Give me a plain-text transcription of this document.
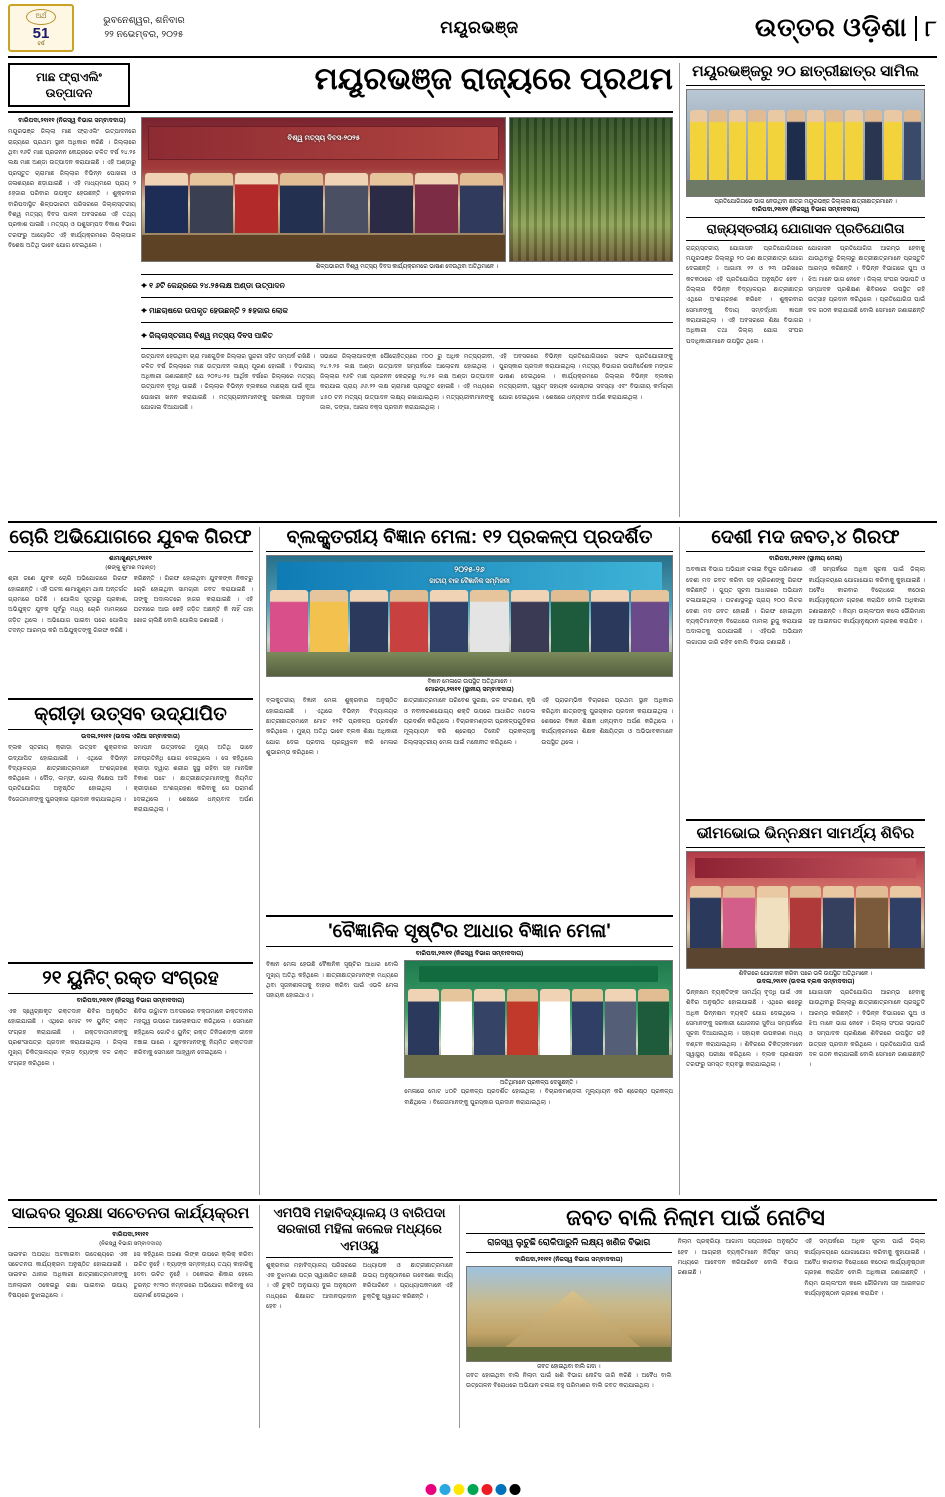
ଅର୍ଥ
51
ବର୍ଷ
ଭୁବନେଶ୍ୱର, ଶନିବାର
୨୨ ନଭେମ୍ବର, ୨୦୨୫	ମୟୂରଭଞ୍ଜ	ଉତ୍ତର ଓଡ଼ିଶା ୮
ମାଛ ଫ୍ରାଏଲିଂ ଉତ୍ପାଦନ	ମୟୂରଭଞ୍ଜ ରାଜ୍ୟରେ ପ୍ରଥମ
ବାରିପଦା,୨୧ା୧୧ (ନିଜସ୍ୱ ବିଭାଗ ସମ୍ବାଦଦାତା)
ମୟୂରଭଞ୍ଜ ଜିଲ୍ଲା ମାଛ ଫ୍ରାଏଲିଂ ଉତ୍ପାଦନରେ ରାଜ୍ୟରେ ପ୍ରଥମ ସ୍ଥାନ ଅଧିକାର କରିଛି । ଜିଲ୍ଲାରେ ଥିବା ୧୬ଟି ମାଛ ପ୍ରଜନନ କେନ୍ଦ୍ରରେ ଚଳିତ ବର୍ଷ ୨୪.୨୫ ଲକ୍ଷ ମାଛ ଅଣ୍ଡା ଉତ୍ପାଦନ କରାଯାଇଛି । ଏହି ଅଣ୍ଡାରୁ ପ୍ରସ୍ତୁତ ଚାରାମାଛ ଜିଲ୍ଲାର ବିଭିନ୍ନ ପୋଖରୀ ଓ ଜଳାଶୟରେ ଛଡ଼ାଯାଇଛି । ଏହି ମାଧ୍ୟମରେ ପ୍ରାୟ ୨ ୫ହଜାର ପରିବାର ଉପକୃତ ହେଉଛନ୍ତି । ଶୁକ୍ରବାର ବାରିପଦାସ୍ଥିତ ଶିଳ୍ପଭାରତୀ ପରିସରରେ ଜିଲ୍ଲାସ୍ତରୀୟ ବିଶ୍ୱ ମତ୍ସ୍ୟ ଦିବସ ପାଳନ ଅବସରରେ ଏହି ତଥ୍ୟ ପ୍ରକାଶ ପାଇଛି । ମତ୍ସ୍ୟ ଓ ପଶୁସମ୍ପଦ ବିକାଶ ବିଭାଗ ତରଫରୁ ଆୟୋଜିତ ଏହି କାର୍ଯ୍ୟକ୍ରମରେ ଜିଲ୍ଲାପାଳ ବିଶେଷ ଅତିଥି ଭାବେ ଯୋଗ ଦେଇଥିଲେ ।
ବିଶ୍ୱ ମତ୍ସ୍ୟ ଦିବସ-୨୦୨୫
ଶିଳ୍ପଭାରତୀ ବିଶ୍ୱ ମତ୍ସ୍ୟ ଦିବସ କାର୍ଯ୍ୟକ୍ରମରେ ଭାଷଣ ଦେଉଥିବା ଅତିଥିମାନେ ।
✦ ୧ ୬ଟି କେନ୍ଦ୍ରରେ ୨୪.୨୫ଲକ୍ଷ ଅଣ୍ଡା ଉତ୍ପାଦନ
✦ ମାଛଚାଷରେ ଉପକୃତ ହେଉଛନ୍ତି ୨ ୫ହଜାର ଲୋକ
✦ ଜିଲ୍ଲାସ୍ତରୀୟ ବିଶ୍ୱ ମତ୍ସ୍ୟ ଦିବସ ପାଳିତ
ଉତ୍ପାଦନ ହେଉଥିବା ଚାରା ମାଛଗୁଡ଼ିକ ଜିଲ୍ଲାର ସୁନ୍ଦରୀ ସହିତ ସମ୍ପର୍କ ରଖିଛି । ଚଳିତ ବର୍ଷ ଜିଲ୍ଲାରେ ମାଛ ଉତ୍ପାଦନ ଲକ୍ଷ୍ୟ ପୂରଣ ହୋଇଛି । ବିଭାଗୀୟ ଅଧିକାରୀ ଜଣାଇଛନ୍ତି ଯେ ୨୦୨୪-୨୫ ଆର୍ଥିକ ବର୍ଷରେ ଜିଲ୍ଲାରେ ମତ୍ସ୍ୟ ଉତ୍ପାଦନ ବୃଦ୍ଧି ପାଇଛି । ଜିଲ୍ଲାର ବିଭିନ୍ନ ବ୍ଲକରେ ମାଛଚାଷ ପାଇଁ ନୂଆ ପୋଖରୀ ଖନନ କରାଯାଇଛି । ମତ୍ସ୍ୟଜୀବୀମାନଙ୍କୁ ସରକାରୀ ଅନୁଦାନ ଯୋଗାଇ ଦିଆଯାଉଛି ।
ସଭାରେ ଜିଲ୍ଲାପାଳଙ୍କ ପୌରୋହିତ୍ୟରେ ୯୦୦ ରୁ ଅଧିକ ମତ୍ସ୍ୟଜୀବୀ, ୨୪.୨.୨୫ ଲକ୍ଷ ଅଣ୍ଡା ଉତ୍ପାଦନ ସମ୍ପର୍କରେ ଆଲୋଚନା ହୋଇଥିଲା । ଜିଲ୍ଲାର ୧୬ଟି ମାଛ ପ୍ରଜନନ କେନ୍ଦ୍ରରୁ ୨୪.୨୫ ଲକ୍ଷ ଅଣ୍ଡା ଉତ୍ପାଦନ କରାଯାଇ ପ୍ରାୟ ୬୬.୨୨ ଲକ୍ଷ ଚାରାମାଛ ପ୍ରସ୍ତୁତ ହୋଇଛି । ଏହି ମଧ୍ୟରେ ୪୫୦ ଟନ ମତ୍ସ୍ୟ ଉତ୍ପାଦନ ଲକ୍ଷ୍ୟ ରଖାଯାଇଥିଲା । ମତ୍ସ୍ୟଜୀବୀମାନଙ୍କୁ ଜାଲ, ଡଙ୍ଗା, ଆଇସ ବକ୍ସ ପ୍ରଦାନ କରାଯାଇଥିଲା ।
ଏହି ଅବସରରେ ବିଭିନ୍ନ ପ୍ରତିଯୋଗିତାରେ ସଫଳ ପ୍ରତିଯୋଗୀଙ୍କୁ ପୁରସ୍କାର ପ୍ରଦାନ କରାଯାଇଥିଲା । ମତ୍ସ୍ୟ ବିଭାଗର ଉପନିର୍ଦ୍ଦେଶକ ମଙ୍ଗଳ ଭାଷଣ ଦେଇଥିଲେ । କାର୍ଯ୍ୟକ୍ରମରେ ଜିଲ୍ଲାର ବିଭିନ୍ନ ବ୍ଲକର ମତ୍ସ୍ୟଜୀବୀ, ସ୍ୱୟଂ ସହାୟକ ଗୋଷ୍ଠୀର ସଦସ୍ୟା ଏବଂ ବିଭାଗୀୟ କର୍ମଚାରୀ ଯୋଗ ଦେଇଥିଲେ । ଶେଷରେ ଧନ୍ୟବାଦ ଅର୍ପଣ କରାଯାଇଥିଲା ।
ମୟୂରଭଞ୍ଜରୁ ୨୦ ଛାତ୍ରୀଛାତ୍ର ସାମିଲ
ପ୍ରତିଯୋଗିତାରେ ଭାଗ ନେଉଥିବା ଛାତ୍ର ମୟୂରଭଞ୍ଜ ଜିଲ୍ଲାର ଛାତ୍ରୀଛାତ୍ରମାନେ ।
ବାରିପଦା,୨୧ା୧୧ (ନିଜସ୍ୱ ବିଭାଗ ସମ୍ବାଦଦାତା)
ରାଜ୍ୟସ୍ତରୀୟ ଯୋଗାସନ ପ୍ରତିଯୋଗିତା
ରାଜ୍ୟସ୍ତରୀୟ ଯୋଗାସନ ପ୍ରତିଯୋଗିତାରେ ମୟୂରଭଞ୍ଜ ଜିଲ୍ଲାରୁ ୨୦ ଜଣ ଛାତ୍ରୀଛାତ୍ର ଯୋଗ ଦେଇଛନ୍ତି । ଆଗାମୀ ୨୨ ଓ ୨୩ ତାରିଖରେ କଟକଠାରେ ଏହି ପ୍ରତିଯୋଗିତା ଅନୁଷ୍ଠିତ ହେବ । ଜିଲ୍ଲାର ବିଭିନ୍ନ ବିଦ୍ୟାଳୟର ଛାତ୍ରୀଛାତ୍ର ଏଥିରେ ଅଂଶଗ୍ରହଣ କରିବେ । ଶୁକ୍ରବାର ସେମାନଙ୍କୁ ବିଦାୟ ସମ୍ବର୍ଦ୍ଧନା ଜ୍ଞାପନ କରାଯାଇଥିଲା । ଏହି ଅବସରରେ ଶିକ୍ଷା ବିଭାଗର ଅଧିକାରୀ ତଥା ଜିଲ୍ଲା ଯୋଗ ସଂଘର ପଦାଧିକାରୀମାନେ ଉପସ୍ଥିତ ଥିଲେ ।
ଯୋଗାସନ ପ୍ରତିଯୋଗିତା ଆରମ୍ଭ ହେବାକୁ ଯାଉଥିବାରୁ ଜିଲ୍ଲାରୁ ଛାତ୍ରୀଛାତ୍ରମାନେ ପ୍ରସ୍ତୁତି ଆରମ୍ଭ କରିଛନ୍ତି । ବିଭିନ୍ନ ବିଭାଗରେ ପୁଅ ଓ ଝିଅ ମାନେ ଭାଗ ନେବେ । ଜିଲ୍ଲା ସଂଘର ସଭାପତି ଓ ସମ୍ପାଦକ ପ୍ରଶିକ୍ଷଣ ଶିବିରରେ ଉପସ୍ଥିତ ରହି ଉତ୍ସାହ ପ୍ରଦାନ କରିଥିଲେ । ପ୍ରତିଯୋଗିତା ପାଇଁ ଦଳ ଗଠନ କରାଯାଇଛି ବୋଲି ସେମାନେ ଜଣାଇଛନ୍ତି ।
ଚୋରି ଅଭିଯୋଗରେ ଯୁବକ ଗିରଫ
ଶାମାଖୁଣ୍ଟା,୨୧ା୧୧
(ଶଙ୍କୁ କୁମାର ମହାନ୍ତ)
ଶ୍ରୀ ଜଣେ ଯୁବକ ଚୋରି ଅଭିଯୋଗରେ ଗିରଫ ହୋଇଛନ୍ତି । ଏହି ଘଟନା ଶାମାଖୁଣ୍ଟା ଥାନା ଅନ୍ତର୍ଗତ ଗ୍ରାମରେ ଘଟିଛି । ପୋଲିସ ସୂତ୍ରରୁ ପ୍ରକାଶ, ଅଭିଯୁକ୍ତ ଯୁବକ ପୂର୍ବରୁ ମଧ୍ୟ ଚୋରି ମାମଲାରେ ଜଡ଼ିତ ଥିଲେ । ଅଭିଯୋଗ ପାଇବା ପରେ ପୋଲିସ ତଦନ୍ତ ଆରମ୍ଭ କରି ଅଭିଯୁକ୍ତଙ୍କୁ ଗିରଫ କରିଛି ।
କରିଛନ୍ତି । ଗିରଫ ହୋଇଥିବା ଯୁବକଙ୍କ ନିକଟରୁ ଚୋରି ହୋଇଥିବା ସାମଗ୍ରୀ ଜବତ କରାଯାଇଛି । ତାଙ୍କୁ ଅଦାଲତରେ ହାଜର କରାଯାଇଛି । ଏହି ଘଟନାରେ ଆଉ କେହି ଜଡ଼ିତ ଅଛନ୍ତି କି ନାହିଁ ତାହା ଖୋଜ ଚାଲିଛି ବୋଲି ପୋଲିସ ଜଣାଇଛି ।
କ୍ରୀଡ଼ା ଉତ୍ସବ ଉଦ୍ଯାପିତ
ଉଦଳା,୨୧ା୧୧ (ଉଦଳା ଏରିଆ ସମ୍ବାଦଦାତା)
ବ୍ଲକ ସ୍ତରୀୟ କ୍ରୀଡ଼ା ଉତ୍ସବ ଶୁକ୍ରବାର ଉଦ୍ଯାପିତ ହୋଇଯାଇଛି । ଏଥିରେ ବିଭିନ୍ନ ବିଦ୍ୟାଳୟର ଛାତ୍ରୀଛାତ୍ରମାନେ ଅଂଶଗ୍ରହଣ କରିଥିଲେ । ଦୌଡ଼, ଲମ୍ଫ, ଗୋଲା ନିକ୍ଷେପ ଆଦି ପ୍ରତିଯୋଗିତା ଅନୁଷ୍ଠିତ ହୋଇଥିଲା । ବିଜେତାମାନଙ୍କୁ ପୁରସ୍କାର ପ୍ରଦାନ କରାଯାଇଥିଲା ।
ସମାପନ ଉତ୍ସବରେ ମୁଖ୍ୟ ଅତିଥି ଭାବେ ଜନପ୍ରତିନିଧି ଯୋଗ ଦେଇଥିଲେ । ସେ କହିଥିଲେ କ୍ରୀଡ଼ା ଦ୍ୱାରା ଶରୀର ସୁସ୍ଥ ରହିବା ସହ ମାନସିକ ବିକାଶ ଘଟେ । ଛାତ୍ରୀଛାତ୍ରମାନଙ୍କୁ ନିୟମିତ କ୍ରୀଡ଼ାରେ ଅଂଶଗ୍ରହଣ କରିବାକୁ ସେ ପରାମର୍ଶ ଦେଇଥିଲେ । ଶେଷରେ ଧନ୍ୟବାଦ ଅର୍ପଣ କରାଯାଇଥିଲା ।
୨୧ ୟୁନିଟ୍ ରକ୍ତ ସଂଗ୍ରହ
ବାରିପଦା,୨୧ା୧୧ (ନିଜସ୍ୱ ବିଭାଗ ସମ୍ବାଦଦାତା)
ଏକ ସ୍ୱେଚ୍ଛାକୃତ ରକ୍ତଦାନ ଶିବିର ଅନୁଷ୍ଠିତ ହୋଇଯାଇଛି । ଏଥିରେ ମୋଟ ୨୧ ୟୁନିଟ୍ ରକ୍ତ ସଂଗ୍ରହ କରାଯାଇଛି । ରକ୍ତଦାତାମାନଙ୍କୁ ପ୍ରଶଂସାପତ୍ର ପ୍ରଦାନ କରାଯାଇଥିଲା । ଜିଲ୍ଲା ମୁଖ୍ୟ ଚିକିତ୍ସାଳୟର ବ୍ଲଡ଼ ବ୍ୟାଙ୍କ ଦଳ ରକ୍ତ ସଂଗ୍ରହ କରିଥିଲେ ।
ଶିବିର ଉଦ୍ଘାଟନ ଅବସରରେ ବକ୍ତାମାନେ ରକ୍ତଦାନର ମହତ୍ତ୍ୱ ଉପରେ ଆଲୋକପାତ କରିଥିଲେ । ସେମାନେ କହିଥିଲେ ଗୋଟିଏ ୟୁନିଟ୍ ରକ୍ତ ତିନିଜଣଙ୍କ ଜୀବନ ବଞ୍ଚାଇ ପାରେ । ଯୁବକମାନଙ୍କୁ ନିୟମିତ ରକ୍ତଦାନ କରିବାକୁ ସେମାନେ ଆହ୍ୱାନ ଦେଇଥିଲେ ।
ବ୍ଲକ୍ସ୍ତରୀୟ ବିଜ୍ଞାନ ମେଳା: ୧୨ ପ୍ରକଳ୍ପ ପ୍ରଦର୍ଶିତ
୨୦୨୫-୨୬
ଜାତୀୟ ବାଳ ବୈଜ୍ଞାନିକ ସମ୍ମିଳନୀ
ବିଜ୍ଞାନ ମେଳାରେ ଉପସ୍ଥିତ ଅତିଥିମାନେ ।
ମୋରଡ଼ା,୨୧ା୧୧ (ସ୍ଥାନୀୟ ସମ୍ବାଦଦାତା)
ବ୍ଲକ୍ସ୍ତରୀୟ ବିଜ୍ଞାନ ମେଳା ଶୁକ୍ରବାର ଅନୁଷ୍ଠିତ ହୋଇଯାଇଛି । ଏଥିରେ ବିଭିନ୍ନ ବିଦ୍ୟାଳୟର ଛାତ୍ରୀଛାତ୍ରମାନେ ମୋଟ ୧୨ଟି ପ୍ରକଳ୍ପ ପ୍ରଦର୍ଶନ କରିଥିଲେ । ମୁଖ୍ୟ ଅତିଥି ଭାବେ ବ୍ଲକ ଶିକ୍ଷା ଅଧିକାରୀ ଯୋଗ ଦେଇ ପ୍ରଦୀପ ପ୍ରଜ୍ୱଳନ କରି ମେଳାର ଶୁଭାରମ୍ଭ କରିଥିଲେ ।
ଛାତ୍ରୀଛାତ୍ରମାନେ ପରିବେଶ ସୁରକ୍ଷା, ଜଳ ସଂରକ୍ଷଣ, କୃଷି ଓ ନବୀକରଣଯୋଗ୍ୟ ଶକ୍ତି ଉପରେ ଆଧାରିତ ମଡେଲ ପ୍ରଦର୍ଶନ କରିଥିଲେ । ବିଚାରକମଣ୍ଡଳୀ ପ୍ରକଳ୍ପଗୁଡ଼ିକର ମୂଲ୍ୟାୟନ କରି ଶ୍ରେଷ୍ଠ ତିନୋଟି ପ୍ରକଳ୍ପକୁ ଜିଲ୍ଲାସ୍ତରୀୟ ମେଳା ପାଇଁ ମନୋନୀତ କରିଥିଲେ ।
ଏହି ପ୍ରାରମ୍ଭିକ ବିଚାରରେ ପ୍ରଥମ ସ୍ଥାନ ଅଧିକାର କରିଥିବା ଛାତ୍ରଙ୍କୁ ପୁରସ୍କାର ପ୍ରଦାନ କରାଯାଇଥିଲା । ଶେଷରେ ବିଜ୍ଞାନ ଶିକ୍ଷକ ଧନ୍ୟବାଦ ଅର୍ପଣ କରିଥିଲେ । କାର୍ଯ୍ୟକ୍ରମରେ ଶିକ୍ଷକ ଶିକ୍ଷୟିତ୍ରୀ ଓ ଅଭିଭାବକମାନେ ଉପସ୍ଥିତ ଥିଲେ ।
'ବୈଜ୍ଞାନିକ ସୃଷ୍ଟିର ଆଧାର ବିଜ୍ଞାନ ମେଳା'
ବାରିପଦା,୨୧ା୧୧ (ନିଜସ୍ୱ ବିଭାଗ ସମ୍ବାଦଦାତା)
ବିଜ୍ଞାନ ମେଳା ହେଉଛି ବୈଜ୍ଞାନିକ ସୃଷ୍ଟିର ଆଧାର ବୋଲି ମୁଖ୍ୟ ଅତିଥି କହିଥିଲେ । ଛାତ୍ରୀଛାତ୍ରମାନଙ୍କ ମଧ୍ୟରେ ଥିବା ସୃଜନଶୀଳତାକୁ ବାହାର କରିବା ପାଇଁ ଏଭଳି ମେଳା ସହାୟକ ହୋଇଥାଏ ।
ଅତିଥିମାନେ ପ୍ରକଳ୍ପ ଦେଖୁଛନ୍ତି ।
ମେଳାରେ ମୋଟ ୪୦ଟି ପ୍ରକଳ୍ପ ପ୍ରଦର୍ଶିତ ହୋଇଥିଲା । ବିଚାରକମଣ୍ଡଳୀ ମୂଲ୍ୟାୟନ କରି ଶ୍ରେଷ୍ଠ ପ୍ରକଳ୍ପ ବାଛିଥିଲେ । ବିଜେତାମାନଙ୍କୁ ପୁରସ୍କାର ପ୍ରଦାନ କରାଯାଇଥିଲା ।
ଦେଶୀ ମଦ ଜବତ,୪ ଗିରଫ
ବାରିପଦା,୨୧ା୧୧ (ସ୍ଥାନୀୟ ମେଳା)
ଅବକାରୀ ବିଭାଗ ଅଭିଯାନ ଚଳାଇ ବିପୁଳ ପରିମାଣର ଦେଶୀ ମଦ ଜବତ କରିବା ସହ ଚାରିଜଣଙ୍କୁ ଗିରଫ କରିଛନ୍ତି । ଗୁପ୍ତ ସୂଚନା ଆଧାରରେ ଅଭିଯାନ ଚଳାଯାଇଥିଲା । ଘଟଣାସ୍ଥଳରୁ ପ୍ରାୟ ୨୦୦ ଲିଟର ଦେଶୀ ମଦ ଜବତ ହୋଇଛି । ଗିରଫ ହୋଇଥିବା ବ୍ୟକ୍ତିମାନଙ୍କ ବିରୋଧରେ ମାମଲା ରୁଜୁ କରାଯାଇ ଅଦାଲତକୁ ପଠାଯାଇଛି । ଏହିପରି ଅଭିଯାନ ଲଗାତାର ଜାରି ରହିବ ବୋଲି ବିଭାଗ ଜଣାଇଛି ।
ଏହି ସମ୍ପର୍କରେ ଅଧିକ ସୂଚନା ପାଇଁ ଜିଲ୍ଲା କାର୍ଯ୍ୟାଳୟରେ ଯୋଗାଯୋଗ କରିବାକୁ କୁହାଯାଇଛି । ଅବୈଧ କାରବାର ବିରୋଧରେ କଠୋର କାର୍ଯ୍ୟାନୁଷ୍ଠାନ ଗ୍ରହଣ କରାଯିବ ବୋଲି ଅଧିକାରୀ ଜଣାଇଛନ୍ତି । ନିୟମ ଉଲ୍ଲଂଘନ କଲେ ଜୌରିମାନା ସହ ଆଇନଗତ କାର୍ଯ୍ୟାନୁଷ୍ଠାନ ଗ୍ରହଣ କରାଯିବ ।
ଭୀମଭୋଇ ଭିନ୍ନକ୍ଷମ ସାମର୍ଥ୍ୟ ଶିବିର
ଶିବିରରେ ଯୋଗଦାନ କରିବା ପରେ ଭଳି ଉପସ୍ଥିତ ଅତିଥିମାନେ ।
ଉଦଳା,୨୧ା୧୧ (ଉଦଳା ବ୍ଲକ ସମ୍ବାଦଦାତା)
ଭିନ୍ନକ୍ଷମ ବ୍ୟକ୍ତିଙ୍କ ସାମର୍ଥ୍ୟ ବୃଦ୍ଧି ପାଇଁ ଏକ ଶିବିର ଅନୁଷ୍ଠିତ ହୋଇଯାଇଛି । ଏଥିରେ ଶହେରୁ ଅଧିକ ଭିନ୍ନକ୍ଷମ ବ୍ୟକ୍ତି ଯୋଗ ଦେଇଥିଲେ । ସେମାନଙ୍କୁ ସରକାରୀ ଯୋଜନାର ସୁବିଧା ସମ୍ପର୍କରେ ସୂଚନା ଦିଆଯାଇଥିଲା । ସହାୟକ ଉପକରଣ ମଧ୍ୟ ବଣ୍ଟନ କରାଯାଇଥିଲା । ଶିବିରରେ ଚିକିତ୍ସକମାନେ ସ୍ୱାସ୍ଥ୍ୟ ପରୀକ୍ଷା କରିଥିଲେ । ବ୍ଲକ ପ୍ରଶାସନ ତରଫରୁ ସମସ୍ତ ବ୍ୟବସ୍ଥା କରାଯାଇଥିଲା ।
ଯୋଗାସନ ପ୍ରତିଯୋଗିତା ଆରମ୍ଭ ହେବାକୁ ଯାଉଥିବାରୁ ଜିଲ୍ଲାରୁ ଛାତ୍ରୀଛାତ୍ରମାନେ ପ୍ରସ୍ତୁତି ଆରମ୍ଭ କରିଛନ୍ତି । ବିଭିନ୍ନ ବିଭାଗରେ ପୁଅ ଓ ଝିଅ ମାନେ ଭାଗ ନେବେ । ଜିଲ୍ଲା ସଂଘର ସଭାପତି ଓ ସମ୍ପାଦକ ପ୍ରଶିକ୍ଷଣ ଶିବିରରେ ଉପସ୍ଥିତ ରହି ଉତ୍ସାହ ପ୍ରଦାନ କରିଥିଲେ । ପ୍ରତିଯୋଗିତା ପାଇଁ ଦଳ ଗଠନ କରାଯାଇଛି ବୋଲି ସେମାନେ ଜଣାଇଛନ୍ତି ।
ସାଇବର ସୁରକ୍ଷା ସଚେତନତା କାର୍ଯ୍ୟକ୍ରମ
ବାରିପଦା,୨୧ା୧୧
(ନିଜସ୍ୱ ବିଭାଗ ସମ୍ବାଦଦାତା)
ସାଇବର ଅପରାଧ ଅଟକାଇବା ଉଦ୍ଦେଶ୍ୟରେ ଏକ ସଚେତନତା କାର୍ଯ୍ୟକ୍ରମ ଅନୁଷ୍ଠିତ ହୋଇଯାଇଛି । ସାଇବର ଥାନାର ଅଧିକାରୀ ଛାତ୍ରୀଛାତ୍ରମାନଙ୍କୁ ଅନଲାଇନ ଠକେଇରୁ ରକ୍ଷା ପାଇବାର ଉପାୟ ବିଷୟରେ ବୁଝାଇଥିଲେ ।
ସେ କହିଥିଲେ ଅଜଣା ଲିଙ୍କ ଉପରେ କ୍ଲିକ୍ କରିବା ଉଚିତ ନୁହେଁ । ବ୍ୟାଙ୍କ ସମ୍ବନ୍ଧୀୟ ତଥ୍ୟ କାହାରିକୁ ଦେବା ଉଚିତ ନୁହେଁ । ଠକେଇର ଶିକାର ହେଲେ ତୁରନ୍ତ ୧୯୩୦ ନମ୍ବରରେ ଅଭିଯୋଗ କରିବାକୁ ସେ ପରାମର୍ଶ ଦେଇଥିଲେ ।
ଏମପିସି ମହାବିଦ୍ୟାଳୟ ଓ ବାରିପଦା ସରକାରୀ ମହିଳା କଲେଜ ମଧ୍ୟରେ ଏମଓୟୁ
ଶୁକ୍ରବାର ମହାବିଦ୍ୟାଳୟ ପରିସରରେ ଏକ ବୁଝାମଣା ପତ୍ର ସ୍ୱାକ୍ଷରିତ ହୋଇଛି । ଏହି ଚୁକ୍ତି ଅନୁଯାୟୀ ଦୁଇ ଅନୁଷ୍ଠାନ ମଧ୍ୟରେ ଶିକ୍ଷାଗତ ଆଦାନପ୍ରଦାନ ହେବ ।
ଅଧ୍ୟାପକ ଓ ଛାତ୍ରୀଛାତ୍ରମାନେ ଉଭୟ ଅନୁଷ୍ଠାନରେ ଗବେଷଣା କାର୍ଯ୍ୟ କରିପାରିବେ । ପ୍ରାଧ୍ୟାପକମାନେ ଏହି ଚୁକ୍ତିକୁ ସ୍ୱାଗତ କରିଛନ୍ତି ।
ଜବତ ବାଲି ନିଲାମ ପାଇଁ ନୋଟିସ
ରାଜସ୍ୱ ଲୁଚୁଛି ରୋକିପାରୁନି ଲକ୍ଷ୍ୟ ଖଣିଜ ବିଭାଗ
ବାରିପଦା,୨୧ା୧୧ (ନିଜସ୍ୱ ବିଭାଗ ସମ୍ବାଦଦାତା)
ଜବତ ହୋଇଥିବା ବାଲି ଗଦା ।
ଜବତ ହୋଇଥିବା ବାଲି ନିଲାମ ପାଇଁ ଖଣି ବିଭାଗ ନୋଟିସ ଜାରି କରିଛି । ଅବୈଧ ବାଲି ଉତ୍ତୋଳନ ବିରୋଧରେ ଅଭିଯାନ ଚଳାଇ ବହୁ ପରିମାଣର ବାଲି ଜବତ କରାଯାଇଥିଲା ।
ନିଲାମ ପ୍ରକ୍ରିୟା ଆଗାମୀ ସପ୍ତାହରେ ଅନୁଷ୍ଠିତ ହେବ । ଆଗ୍ରହୀ ବ୍ୟକ୍ତିମାନେ ନିର୍ଦ୍ଦିଷ୍ଟ ସମୟ ମଧ୍ୟରେ ଆବେଦନ କରିପାରିବେ ବୋଲି ବିଭାଗ ଜଣାଇଛି ।
ଏହି ସମ୍ପର୍କରେ ଅଧିକ ସୂଚନା ପାଇଁ ଜିଲ୍ଲା କାର୍ଯ୍ୟାଳୟରେ ଯୋଗାଯୋଗ କରିବାକୁ କୁହାଯାଇଛି । ଅବୈଧ କାରବାର ବିରୋଧରେ କଠୋର କାର୍ଯ୍ୟାନୁଷ୍ଠାନ ଗ୍ରହଣ କରାଯିବ ବୋଲି ଅଧିକାରୀ ଜଣାଇଛନ୍ତି । ନିୟମ ଉଲ୍ଲଂଘନ କଲେ ଜୌରିମାନା ସହ ଆଇନଗତ କାର୍ଯ୍ୟାନୁଷ୍ଠାନ ଗ୍ରହଣ କରାଯିବ ।
